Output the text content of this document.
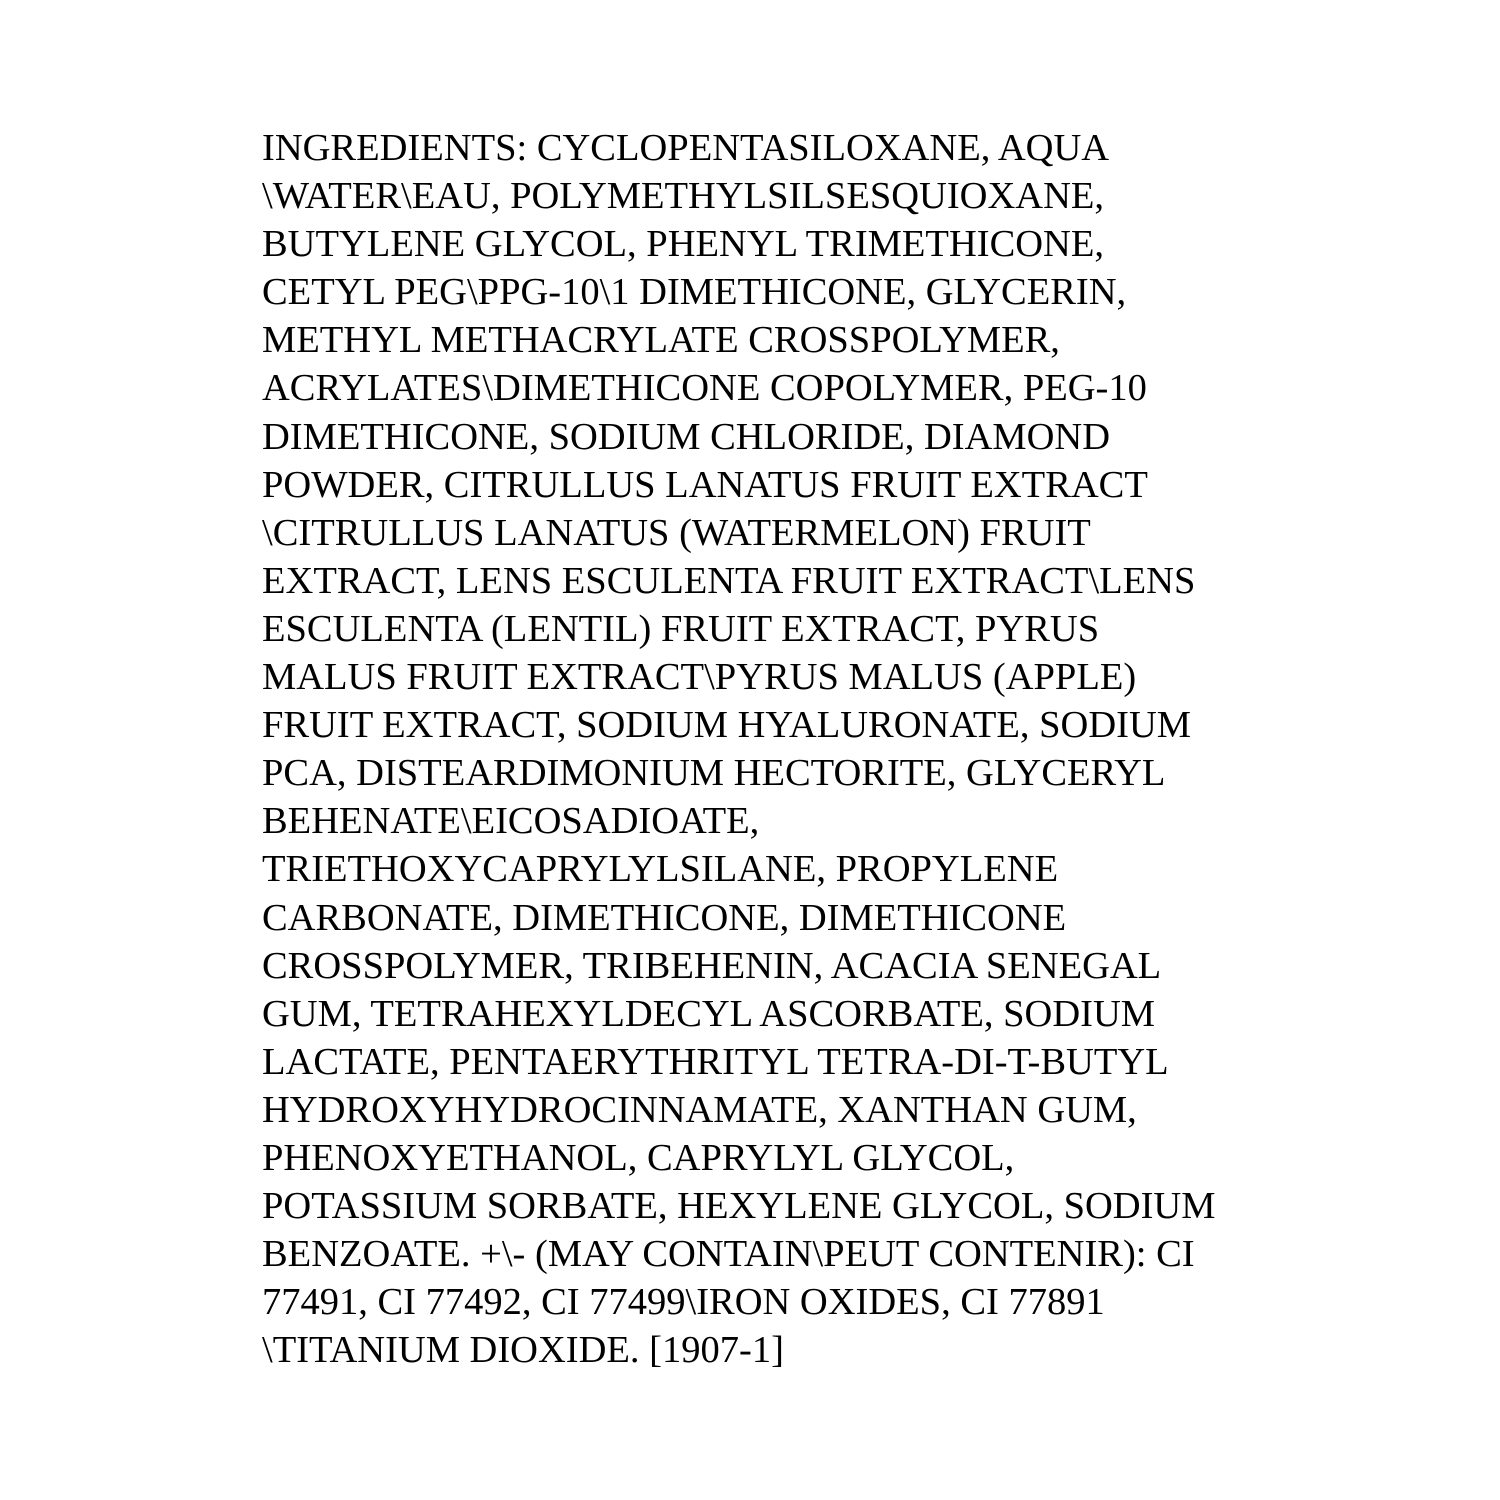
INGREDIENTS: CYCLOPENTASILOXANE, AQUA
\WATER\EAU, POLYMETHYLSILSESQUIOXANE,
BUTYLENE GLYCOL, PHENYL TRIMETHICONE,
CETYL PEG\PPG-10\1 DIMETHICONE, GLYCERIN,
METHYL METHACRYLATE CROSSPOLYMER,
ACRYLATES\DIMETHICONE COPOLYMER, PEG-10
DIMETHICONE, SODIUM CHLORIDE, DIAMOND
POWDER, CITRULLUS LANATUS FRUIT EXTRACT
\CITRULLUS LANATUS (WATERMELON) FRUIT
EXTRACT, LENS ESCULENTA FRUIT EXTRACT\LENS
ESCULENTA (LENTIL) FRUIT EXTRACT, PYRUS
MALUS FRUIT EXTRACT\PYRUS MALUS (APPLE)
FRUIT EXTRACT, SODIUM HYALURONATE, SODIUM
PCA, DISTEARDIMONIUM HECTORITE, GLYCERYL
BEHENATE\EICOSADIOATE,
TRIETHOXYCAPRYLYLSILANE, PROPYLENE
CARBONATE, DIMETHICONE, DIMETHICONE
CROSSPOLYMER, TRIBEHENIN, ACACIA SENEGAL
GUM, TETRAHEXYLDECYL ASCORBATE, SODIUM
LACTATE, PENTAERYTHRITYL TETRA-DI-T-BUTYL
HYDROXYHYDROCINNAMATE, XANTHAN GUM,
PHENOXYETHANOL, CAPRYLYL GLYCOL,
POTASSIUM SORBATE, HEXYLENE GLYCOL, SODIUM
BENZOATE. +\- (MAY CONTAIN\PEUT CONTENIR): CI
77491, CI 77492, CI 77499\IRON OXIDES, CI 77891
\TITANIUM DIOXIDE. [1907-1]
